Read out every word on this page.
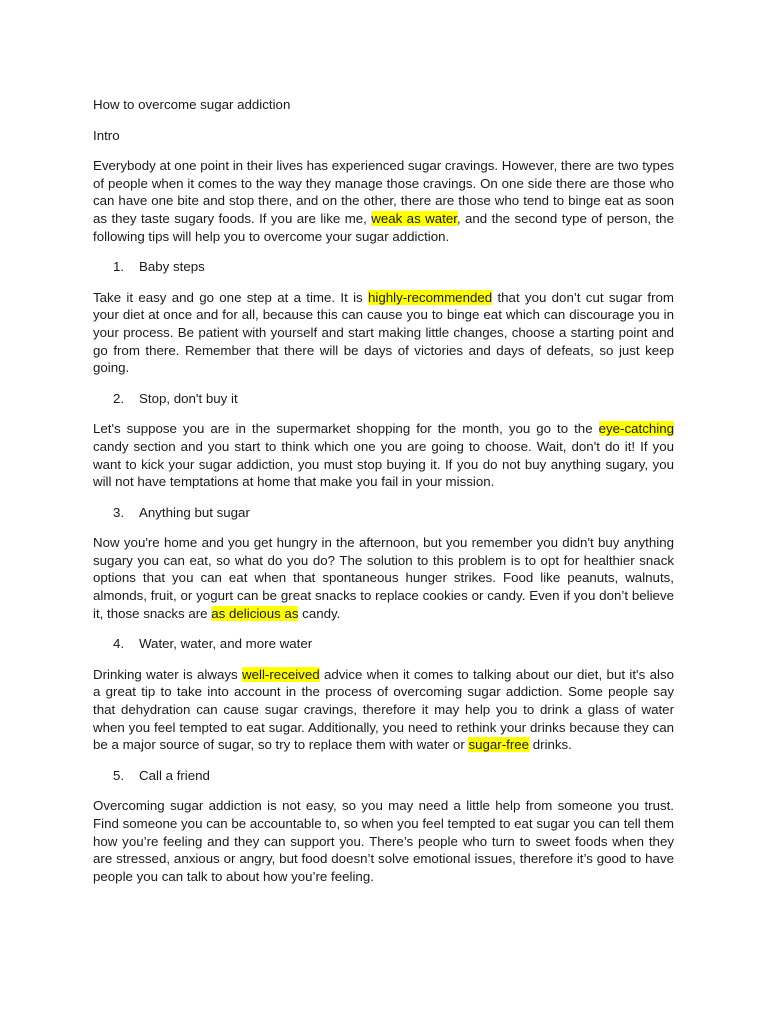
How to overcome sugar addiction
Intro
Everybody at one point in their lives has experienced sugar cravings. However, there are two types of people when it comes to the way they manage those cravings. On one side there are those who can have one bite and stop there, and on the other, there are those who tend to binge eat as soon as they taste sugary foods. If you are like me, weak as water, and the second type of person, the following tips will help you to overcome your sugar addiction.
1.	Baby steps
Take it easy and go one step at a time. It is highly-recommended that you don’t cut sugar from your diet at once and for all, because this can cause you to binge eat which can discourage you in your process. Be patient with yourself and start making little changes, choose a starting point and go from there. Remember that there will be days of victories and days of defeats, so just keep going.
2.	Stop, don't buy it
Let's suppose you are in the supermarket shopping for the month, you go to the eye-catching candy section and you start to think which one you are going to choose. Wait, don't do it! If you want to kick your sugar addiction, you must stop buying it. If you do not buy anything sugary, you will not have temptations at home that make you fail in your mission.
3.	Anything but sugar
Now you're home and you get hungry in the afternoon, but you remember you didn't buy anything sugary you can eat, so what do you do? The solution to this problem is to opt for healthier snack options that you can eat when that spontaneous hunger strikes. Food like peanuts, walnuts, almonds, fruit, or yogurt can be great snacks to replace cookies or candy. Even if you don’t believe it, those snacks are as delicious as candy.
4.	Water, water, and more water
Drinking water is always well-received advice when it comes to talking about our diet, but it's also a great tip to take into account in the process of overcoming sugar addiction. Some people say that dehydration can cause sugar cravings, therefore it may help you to drink a glass of water when you feel tempted to eat sugar. Additionally, you need to rethink your drinks because they can be a major source of sugar, so try to replace them with water or sugar-free drinks.
5.	Call a friend
Overcoming sugar addiction is not easy, so you may need a little help from someone you trust. Find someone you can be accountable to, so when you feel tempted to eat sugar you can tell them how you’re feeling and they can support you. There’s people who turn to sweet foods when they are stressed, anxious or angry, but food doesn’t solve emotional issues, therefore it’s good to have people you can talk to about how you’re feeling.
